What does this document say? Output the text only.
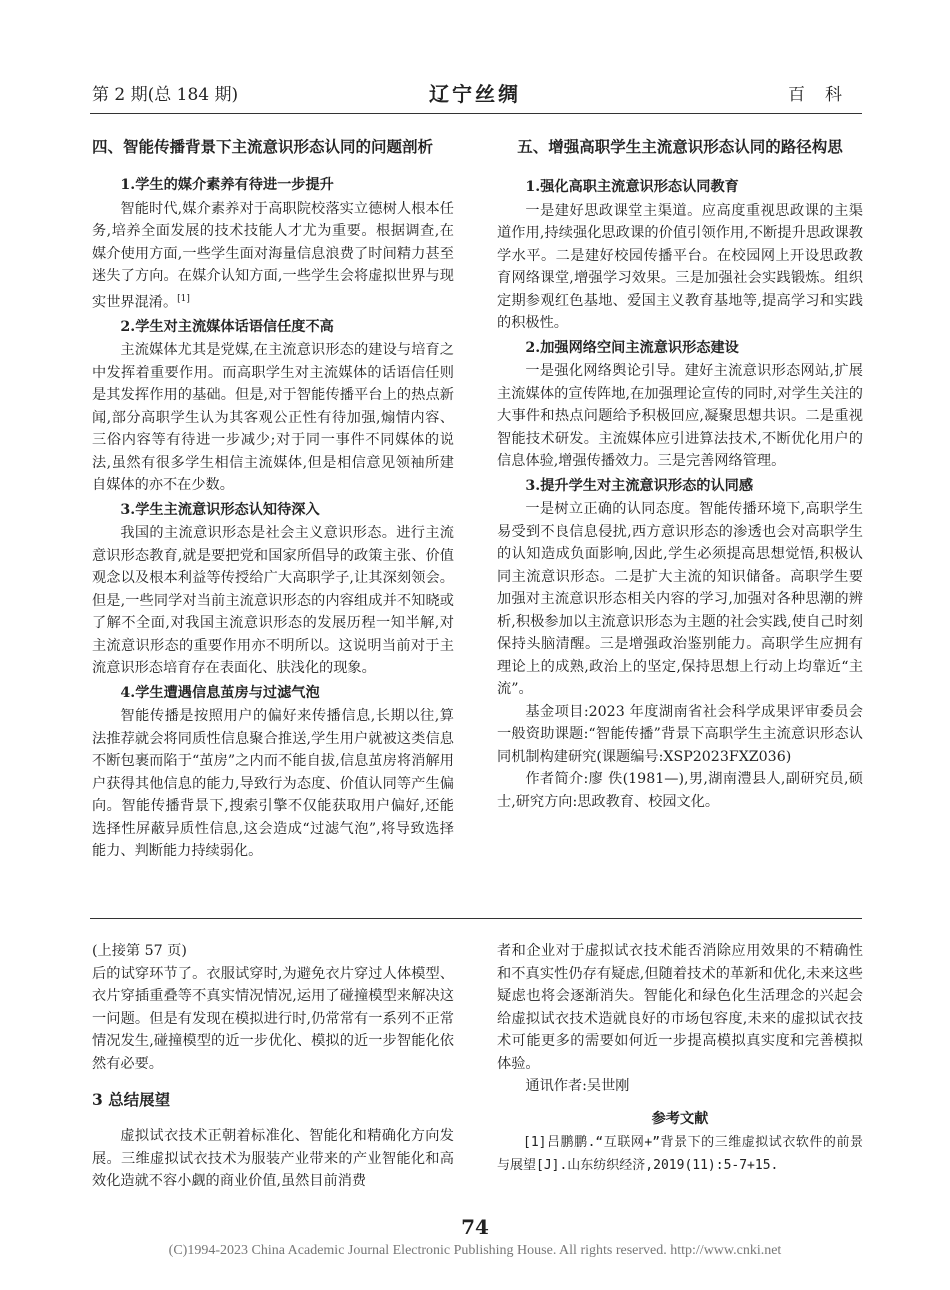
第 2 期(总 184 期)	辽宁丝绸	百科
四、智能传播背景下主流意识形态认同的问题剖析
1.学生的媒介素养有待进一步提升

智能时代,媒介素养对于高职院校落实立德树人根本任务,培养全面发展的技术技能人才尤为重要。根据调查,在媒介使用方面,一些学生面对海量信息浪费了时间精力甚至迷失了方向。在媒介认知方面,一些学生会将虚拟世界与现实世界混淆。[1]

2.学生对主流媒体话语信任度不高

主流媒体尤其是党媒,在主流意识形态的建设与培育之中发挥着重要作用。而高职学生对主流媒体的话语信任则是其发挥作用的基础。但是,对于智能传播平台上的热点新闻,部分高职学生认为其客观公正性有待加强,煽情内容、三俗内容等有待进一步减少;对于同一事件不同媒体的说法,虽然有很多学生相信主流媒体,但是相信意见领袖所建自媒体的亦不在少数。

3.学生主流意识形态认知待深入

我国的主流意识形态是社会主义意识形态。进行主流意识形态教育,就是要把党和国家所倡导的政策主张、价值观念以及根本利益等传授给广大高职学子,让其深刻领会。但是,一些同学对当前主流意识形态的内容组成并不知晓或了解不全面,对我国主流意识形态的发展历程一知半解,对主流意识形态的重要作用亦不明所以。这说明当前对于主流意识形态培育存在表面化、肤浅化的现象。

4.学生遭遇信息茧房与过滤气泡

智能传播是按照用户的偏好来传播信息,长期以往,算法推荐就会将同质性信息聚合推送,学生用户就被这类信息不断包裹而陷于“茧房”之内而不能自拔,信息茧房将消解用户获得其他信息的能力,导致行为态度、价值认同等产生偏向。智能传播背景下,搜索引擎不仅能获取用户偏好,还能选择性屏蔽异质性信息,这会造成“过滤气泡”,将导致选择能力、判断能力持续弱化。

五、增强高职学生主流意识形态认同的路径构思
1.强化高职主流意识形态认同教育

一是建好思政课堂主渠道。应高度重视思政课的主渠道作用,持续强化思政课的价值引领作用,不断提升思政课教学水平。二是建好校园传播平台。在校园网上开设思政教育网络课堂,增强学习效果。三是加强社会实践锻炼。组织定期参观红色基地、爱国主义教育基地等,提高学习和实践的积极性。

2.加强网络空间主流意识形态建设

一是强化网络舆论引导。建好主流意识形态网站,扩展主流媒体的宣传阵地,在加强理论宣传的同时,对学生关注的大事件和热点问题给予积极回应,凝聚思想共识。二是重视智能技术研发。主流媒体应引进算法技术,不断优化用户的信息体验,增强传播效力。三是完善网络管理。

3.提升学生对主流意识形态的认同感

一是树立正确的认同态度。智能传播环境下,高职学生易受到不良信息侵扰,西方意识形态的渗透也会对高职学生的认知造成负面影响,因此,学生必须提高思想觉悟,积极认同主流意识形态。二是扩大主流的知识储备。高职学生要加强对主流意识形态相关内容的学习,加强对各种思潮的辨析,积极参加以主流意识形态为主题的社会实践,使自己时刻保持头脑清醒。三是增强政治鉴别能力。高职学生应拥有理论上的成熟,政治上的坚定,保持思想上行动上均靠近“主流”。

基金项目:2023 年度湖南省社会科学成果评审委员会一般资助课题:“智能传播”背景下高职学生主流意识形态认同机制构建研究(课题编号:XSP2023FXZ036)

作者简介:廖 佚(1981—),男,湖南澧县人,副研究员,硕士,研究方向:思政教育、校园文化。

(上接第 57 页)

后的试穿环节了。衣服试穿时,为避免衣片穿过人体模型、衣片穿插重叠等不真实情况情况,运用了碰撞模型来解决这一问题。但是有发现在模拟进行时,仍常常有一系列不正常情况发生,碰撞模型的近一步优化、模拟的近一步智能化依然有必要。

3 总结展望

虚拟试衣技术正朝着标准化、智能化和精确化方向发展。三维虚拟试衣技术为服装产业带来的产业智能化和高效化造就不容小觑的商业价值,虽然目前消费

者和企业对于虚拟试衣技术能否消除应用效果的不精确性和不真实性仍存有疑虑,但随着技术的革新和优化,未来这些疑虑也将会逐渐消失。智能化和绿色化生活理念的兴起会给虚拟试衣技术造就良好的市场包容度,未来的虚拟试衣技术可能更多的需要如何近一步提高模拟真实度和完善模拟体验。

通讯作者:吴世刚

参考文献

[1]吕鹏鹏.“互联网+”背景下的三维虚拟试衣软件的前景与展望[J].山东纺织经济,2019(11):5-7+15.

74
(C)1994-2023 China Academic Journal Electronic Publishing House. All rights reserved. http://www.cnki.net
